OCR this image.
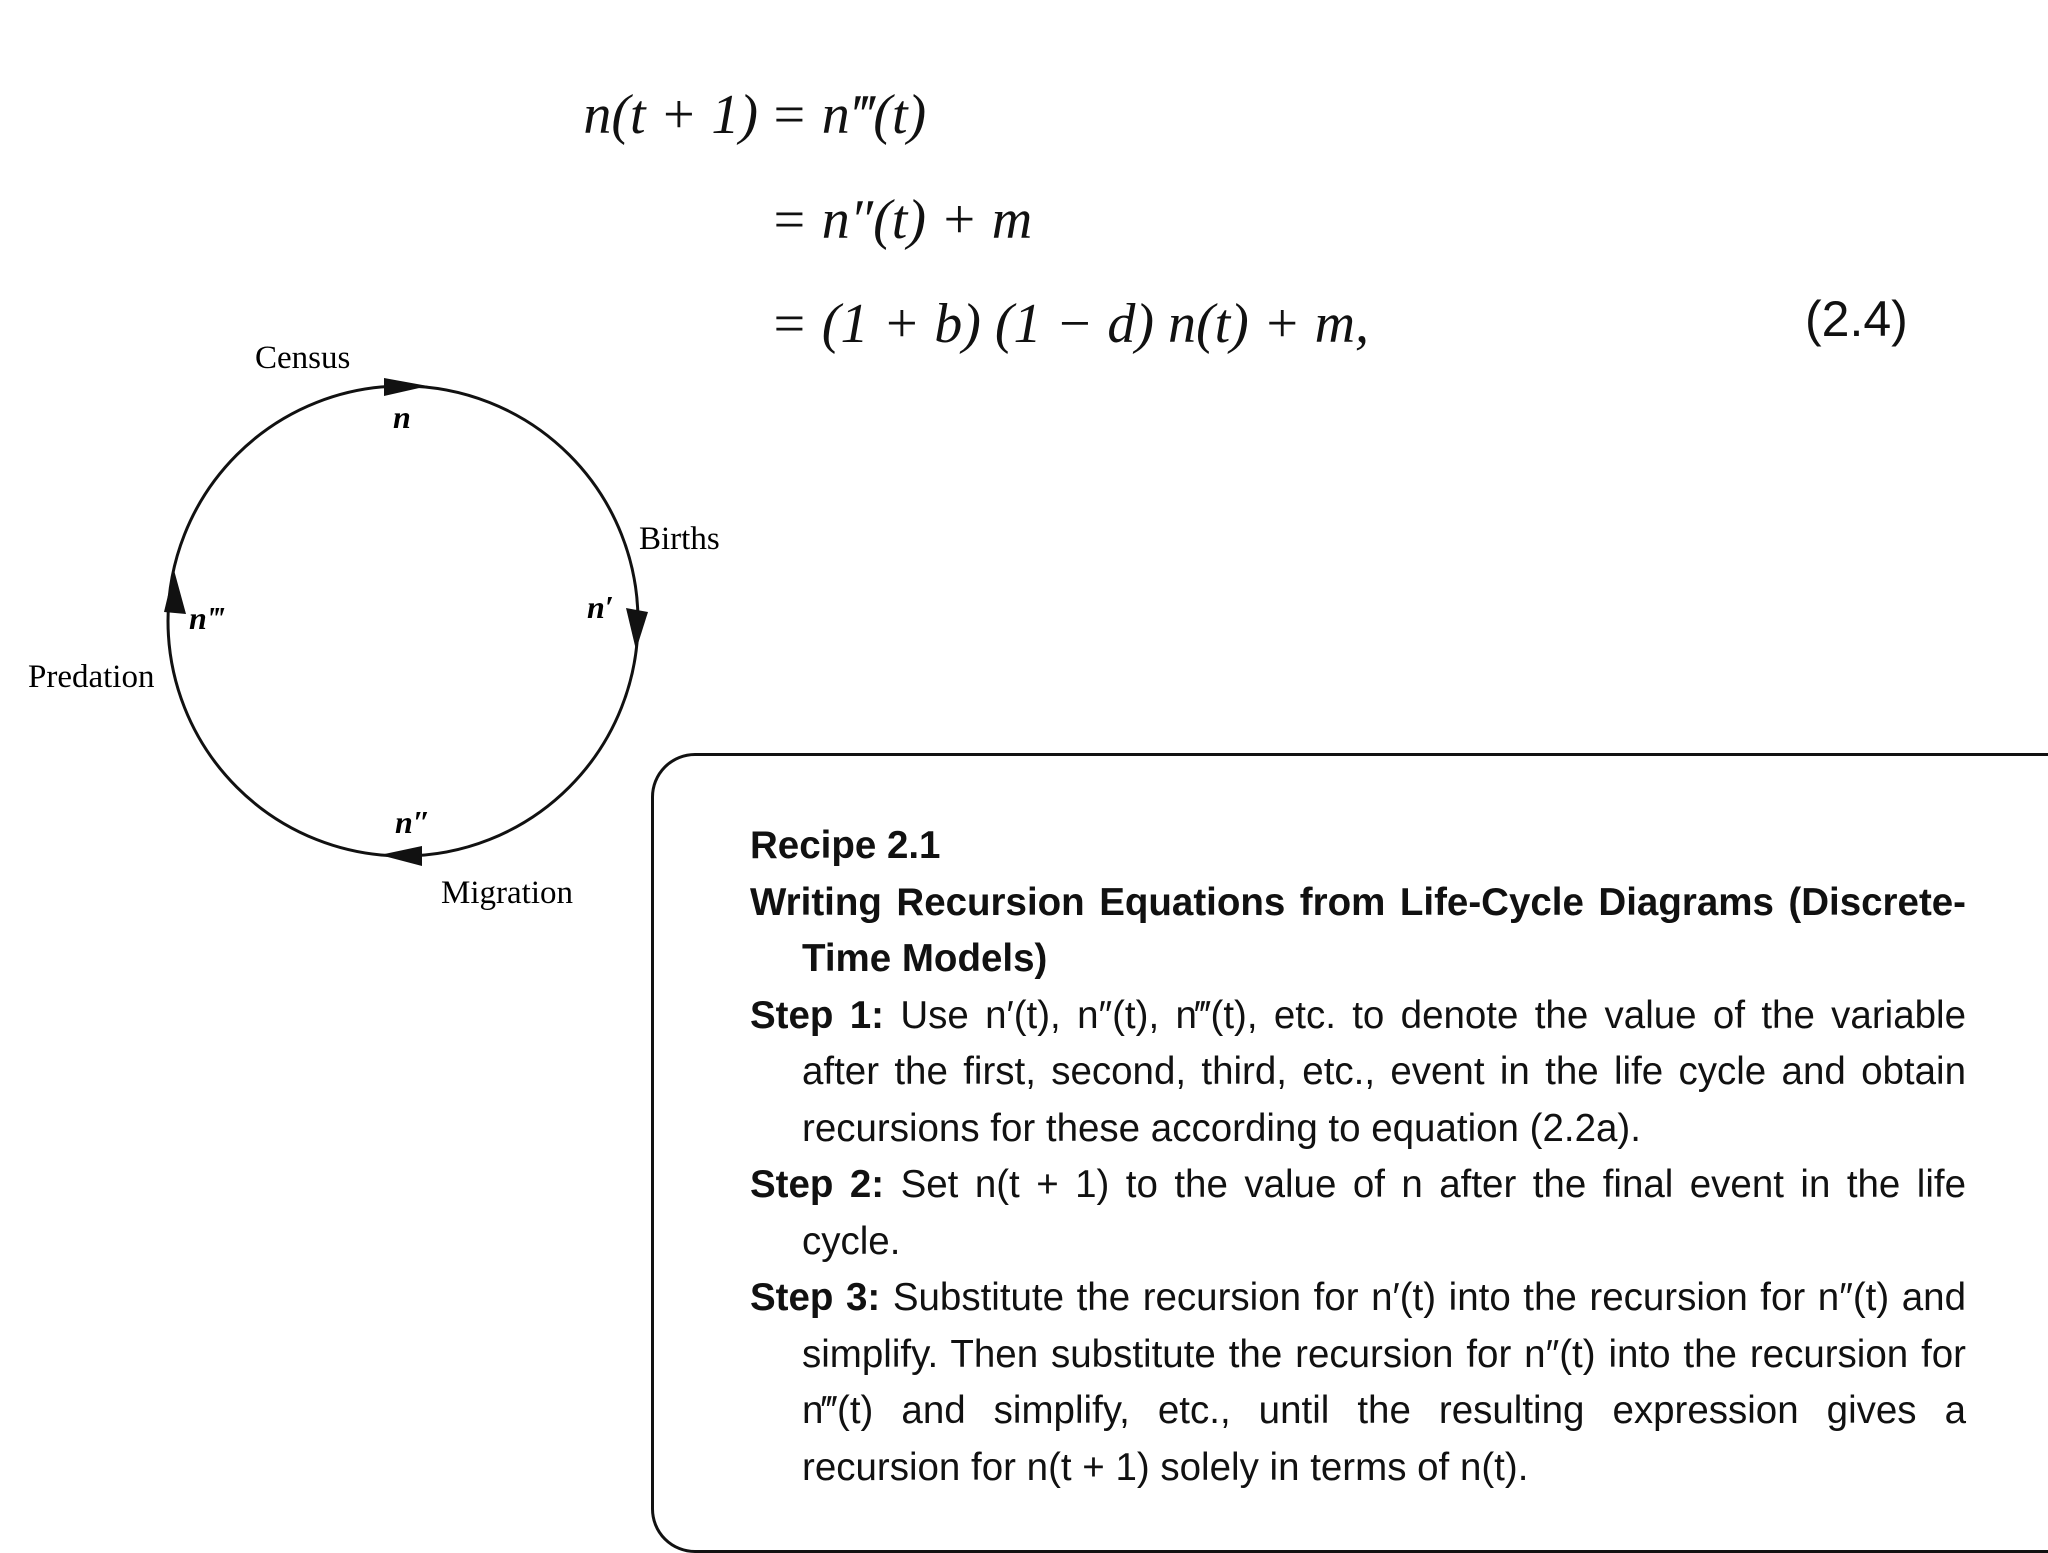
n(t + 1) = n‴(t)
= n″(t) + m
= (1 + b) (1 − d) n(t) + m,	(2.4)
Census
Births
Migration
Predation
n
n′
n″
n‴
Recipe 2.1
Writing Recursion Equations from Life-Cycle Diagrams (Discrete-Time Models)
Step 1: Use n′(t), n″(t), n‴(t), etc. to denote the value of the variable after the first, second, third, etc., event in the life cycle and obtain recursions for these according to equation (2.2a).
Step 2: Set n(t + 1) to the value of n after the final event in the life cycle.
Step 3: Substitute the recursion for n′(t) into the recursion for n″(t) and simplify. Then substitute the recursion for n″(t) into the recursion for n‴(t) and simplify, etc., until the resulting expression gives a recursion for n(t + 1) solely in terms of n(t).
